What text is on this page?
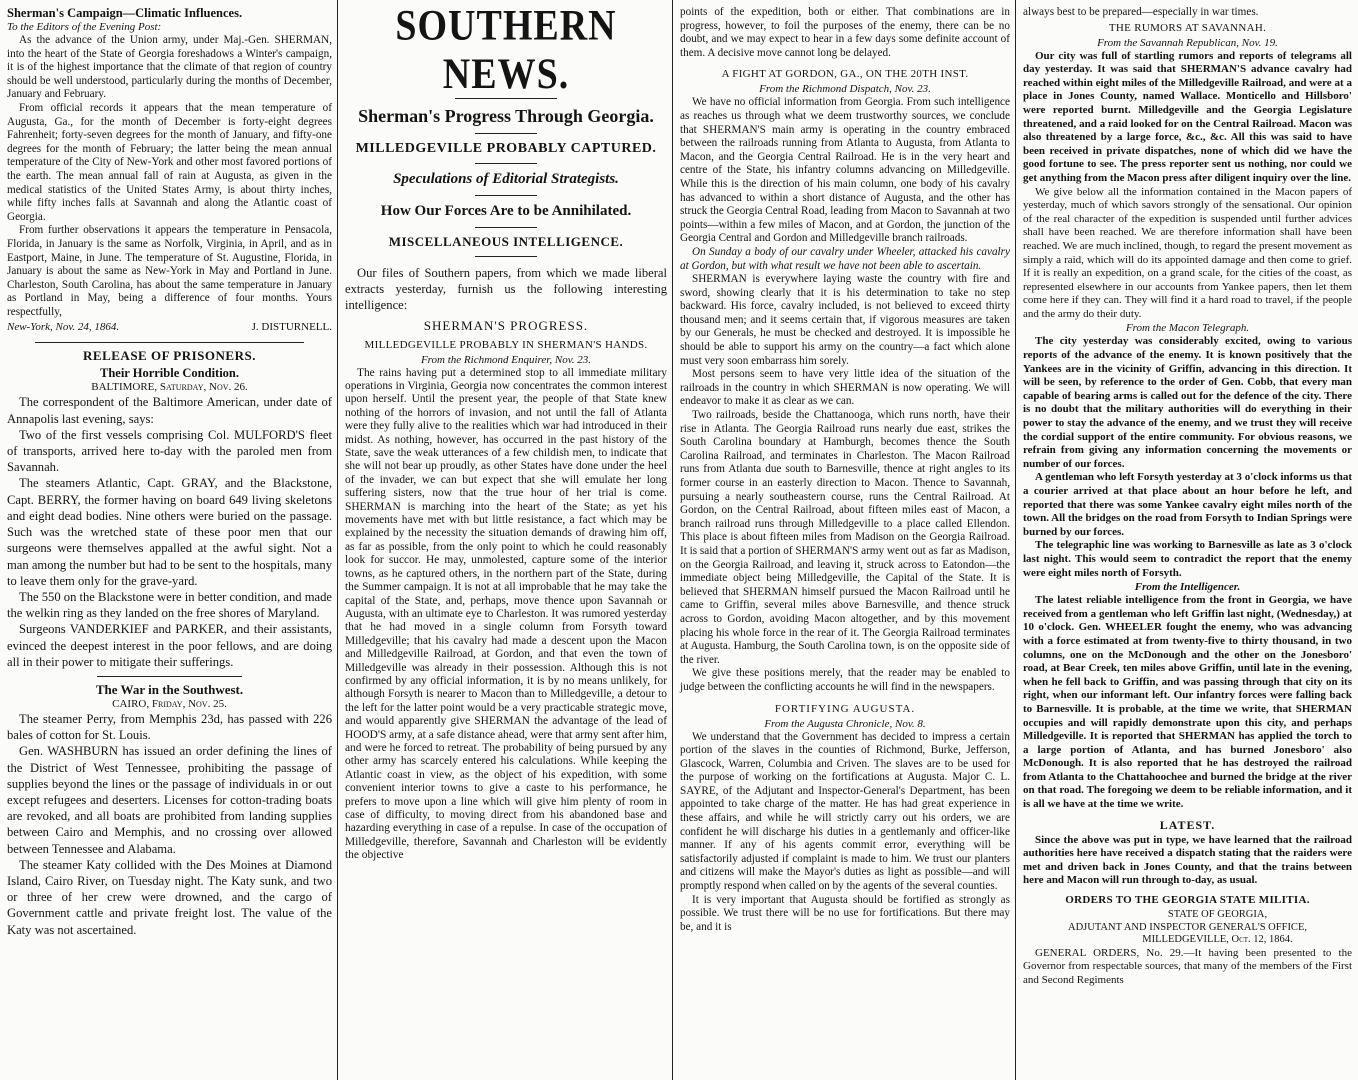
Sherman's Campaign—Climatic Influences.
To the Editors of the Evening Post:

As the advance of the Union army, under Maj.-Gen. SHERMAN, into the heart of the State of Georgia foreshadows a Winter's campaign, it is of the highest importance that the climate of that region of country should be well understood, particularly during the months of December, January and February.

From official records it appears that the mean temperature of Augusta, Ga., for the month of December is forty-eight degrees Fahrenheit; forty-seven degrees for the month of January, and fifty-one degrees for the month of February; the latter being the mean annual temperature of the City of New-York and other most favored portions of the earth. The mean annual fall of rain at Augusta, as given in the medical statistics of the United States Army, is about thirty inches, while fifty inches falls at Savannah and along the Atlantic coast of Georgia.

From further observations it appears the temperature in Pensacola, Florida, in January is the same as Norfolk, Virginia, in April, and as in Eastport, Maine, in June. The temperature of St. Augustine, Florida, in January is about the same as New-York in May and Portland in June. Charleston, South Carolina, has about the same temperature in January as Portland in May, being a difference of four months. Yours respectfully,

New-York, Nov. 24, 1864.	J. DISTURNELL.
RELEASE OF PRISONERS.
Their Horrible Condition.
BALTIMORE, Saturday, Nov. 26.

The correspondent of the Baltimore American, under date of Annapolis last evening, says:

Two of the first vessels comprising Col. MULFORD'S fleet of transports, arrived here to-day with the paroled men from Savannah.

The steamers Atlantic, Capt. GRAY, and the Blackstone, Capt. BERRY, the former having on board 649 living skeletons and eight dead bodies. Nine others were buried on the passage. Such was the wretched state of these poor men that our surgeons were themselves appalled at the awful sight. Not a man among the number but had to be sent to the hospitals, many to leave them only for the grave-yard.

The 550 on the Blackstone were in better condition, and made the welkin ring as they landed on the free shores of Maryland.

Surgeons VANDERKIEF and PARKER, and their assistants, evinced the deepest interest in the poor fellows, and are doing all in their power to mitigate their sufferings.

The War in the Southwest.
CAIRO, Friday, Nov. 25.

The steamer Perry, from Memphis 23d, has passed with 226 bales of cotton for St. Louis.

Gen. WASHBURN has issued an order defining the lines of the District of West Tennessee, prohibiting the passage of supplies beyond the lines or the passage of individuals in or out except refugees and deserters. Licenses for cotton-trading boats are revoked, and all boats are prohibited from landing supplies between Cairo and Memphis, and no crossing over allowed between Tennessee and Alabama.

The steamer Katy collided with the Des Moines at Diamond Island, Cairo River, on Tuesday night. The Katy sunk, and two or three of her crew were drowned, and the cargo of Government cattle and private freight lost. The value of the Katy was not ascertained.

SOUTHERN NEWS.
Sherman's Progress Through Georgia.
MILLEDGEVILLE PROBABLY CAPTURED.
Speculations of Editorial Strategists.
How Our Forces Are to be Annihilated.
MISCELLANEOUS INTELLIGENCE.

Our files of Southern papers, from which we made liberal extracts yesterday, furnish us the following interesting intelligence:

SHERMAN'S PROGRESS.
MILLEDGEVILLE PROBABLY IN SHERMAN'S HANDS.
From the Richmond Enquirer, Nov. 23.

The rains having put a determined stop to all immediate military operations in Virginia, Georgia now concentrates the common interest upon herself. Until the present year, the people of that State knew nothing of the horrors of invasion, and not until the fall of Atlanta were they fully alive to the realities which war had introduced in their midst. As nothing, however, has occurred in the past history of the State, save the weak utterances of a few childish men, to indicate that she will not bear up proudly, as other States have done under the heel of the invader, we can but expect that she will emulate her long suffering sisters, now that the true hour of her trial is come. SHERMAN is marching into the heart of the State; as yet his movements have met with but little resistance, a fact which may be explained by the necessity the situation demands of drawing him off, as far as possible, from the only point to which he could reasonably look for succor. He may, unmolested, capture some of the interior towns, as he captured others, in the northern part of the State, during the Summer campaign. It is not at all improbable that he may take the capital of the State, and, perhaps, move thence upon Savannah or Augusta, with an ultimate eye to Charleston. It was rumored yesterday that he had moved in a single column from Forsyth toward Milledgeville; that his cavalry had made a descent upon the Macon and Milledgeville Railroad, at Gordon, and that even the town of Milledgeville was already in their possession. Although this is not confirmed by any official information, it is by no means unlikely, for although Forsyth is nearer to Macon than to Milledgeville, a detour to the left for the latter point would be a very practicable strategic move, and would apparently give SHERMAN the advantage of the lead of HOOD'S army, at a safe distance ahead, were that army sent after him, and were he forced to retreat. The probability of being pursued by any other army has scarcely entered his calculations. While keeping the Atlantic coast in view, as the object of his expedition, with some convenient interior towns to give a caste to his performance, he prefers to move upon a line which will give him plenty of room in case of difficulty, to moving direct from his abandoned base and hazarding everything in case of a repulse. In case of the occupation of Milledgeville, therefore, Savannah and Charleston will be evidently the objective

points of the expedition, both or either. That combinations are in progress, however, to foil the purposes of the enemy, there can be no doubt, and we may expect to hear in a few days some definite account of them. A decisive move cannot long be delayed.

A FIGHT AT GORDON, GA., ON THE 20TH INST.
From the Richmond Dispatch, Nov. 23.

We have no official information from Georgia. From such intelligence as reaches us through what we deem trustworthy sources, we conclude that SHERMAN'S main army is operating in the country embraced between the railroads running from Atlanta to Augusta, from Atlanta to Macon, and the Georgia Central Railroad. He is in the very heart and centre of the State, his infantry columns advancing on Milledgeville. While this is the direction of his main column, one body of his cavalry has advanced to within a short distance of Augusta, and the other has struck the Georgia Central Road, leading from Macon to Savannah at two points—within a few miles of Macon, and at Gordon, the junction of the Georgia Central and Gordon and Milledgeville branch railroads.

On Sunday a body of our cavalry under Wheeler, attacked his cavalry at Gordon, but with what result we have not been able to ascertain.

SHERMAN is everywhere laying waste the country with fire and sword, showing clearly that it is his determination to take no step backward. His force, cavalry included, is not believed to exceed thirty thousand men; and it seems certain that, if vigorous measures are taken by our Generals, he must be checked and destroyed. It is impossible he should be able to support his army on the country—a fact which alone must very soon embarrass him sorely.

Most persons seem to have very little idea of the situation of the railroads in the country in which SHERMAN is now operating. We will endeavor to make it as clear as we can.

Two railroads, beside the Chattanooga, which runs north, have their rise in Atlanta. The Georgia Railroad runs nearly due east, strikes the South Carolina boundary at Hamburgh, becomes thence the South Carolina Railroad, and terminates in Charleston. The Macon Railroad runs from Atlanta due south to Barnesville, thence at right angles to its former course in an easterly direction to Macon. Thence to Savannah, pursuing a nearly southeastern course, runs the Central Railroad. At Gordon, on the Central Railroad, about fifteen miles east of Macon, a branch railroad runs through Milledgeville to a place called Ellendon. This place is about fifteen miles from Madison on the Georgia Railroad. It is said that a portion of SHERMAN'S army went out as far as Madison, on the Georgia Railroad, and leaving it, struck across to Eatondon—the immediate object being Milledgeville, the Capital of the State. It is believed that SHERMAN himself pursued the Macon Railroad until he came to Griffin, several miles above Barnesville, and thence struck across to Gordon, avoiding Macon altogether, and by this movement placing his whole force in the rear of it. The Georgia Railroad terminates at Augusta. Hamburg, the South Carolina town, is on the opposite side of the river.

We give these positions merely, that the reader may be enabled to judge between the conflicting accounts he will find in the newspapers.

FORTIFYING AUGUSTA.
From the Augusta Chronicle, Nov. 8.

We understand that the Government has decided to impress a certain portion of the slaves in the counties of Richmond, Burke, Jefferson, Glascock, Warren, Columbia and Criven. The slaves are to be used for the purpose of working on the fortifications at Augusta. Major C. L. SAYRE, of the Adjutant and Inspector-General's Department, has been appointed to take charge of the matter. He has had great experience in these affairs, and while he will strictly carry out his orders, we are confident he will discharge his duties in a gentlemanly and officer-like manner. If any of his agents commit error, everything will be satisfactorily adjusted if complaint is made to him. We trust our planters and citizens will make the Mayor's duties as light as possible—and will promptly respond when called on by the agents of the several counties.

It is very important that Augusta should be fortified as strongly as possible. We trust there will be no use for fortifications. But there may be, and it is

always best to be prepared—especially in war times.

THE RUMORS AT SAVANNAH.
From the Savannah Republican, Nov. 19.

Our city was full of startling rumors and reports of telegrams all day yesterday. It was said that SHERMAN'S advance cavalry had reached within eight miles of the Milledgeville Railroad, and were at a place in Jones County, named Wallace. Monticello and Hillsboro' were reported burnt. Milledgeville and the Georgia Legislature threatened, and a raid looked for on the Central Railroad. Macon was also threatened by a large force, &c., &c. All this was said to have been received in private dispatches, none of which did we have the good fortune to see. The press reporter sent us nothing, nor could we get anything from the Macon press after diligent inquiry over the line.

We give below all the information contained in the Macon papers of yesterday, much of which savors strongly of the sensational. Our opinion of the real character of the expedition is suspended until further advices shall have been reached. We are therefore information shall have been reached. We are much inclined, though, to regard the present movement as simply a raid, which will do its appointed damage and then come to grief. If it is really an expedition, on a grand scale, for the cities of the coast, as represented elsewhere in our accounts from Yankee papers, then let them come here if they can. They will find it a hard road to travel, if the people and the army do their duty.

From the Macon Telegraph.

The city yesterday was considerably excited, owing to various reports of the advance of the enemy. It is known positively that the Yankees are in the vicinity of Griffin, advancing in this direction. It will be seen, by reference to the order of Gen. Cobb, that every man capable of bearing arms is called out for the defence of the city. There is no doubt that the military authorities will do everything in their power to stay the advance of the enemy, and we trust they will receive the cordial support of the entire community. For obvious reasons, we refrain from giving any information concerning the movements or number of our forces.

A gentleman who left Forsyth yesterday at 3 o'clock informs us that a courier arrived at that place about an hour before he left, and reported that there was some Yankee cavalry eight miles north of the town. All the bridges on the road from Forsyth to Indian Springs were burned by our forces.

The telegraphic line was working to Barnesville as late as 3 o'clock last night. This would seem to contradict the report that the enemy were eight miles north of Forsyth.

From the Intelligencer.

The latest reliable intelligence from the front in Georgia, we have received from a gentleman who left Griffin last night, (Wednesday,) at 10 o'clock. Gen. WHEELER fought the enemy, who was advancing with a force estimated at from twenty-five to thirty thousand, in two columns, one on the McDonough and the other on the Jonesboro' road, at Bear Creek, ten miles above Griffin, until late in the evening, when he fell back to Griffin, and was passing through that city on its right, when our informant left. Our infantry forces were falling back to Barnesville. It is probable, at the time we write, that SHERMAN occupies and will rapidly demonstrate upon this city, and perhaps Milledgeville. It is reported that SHERMAN has applied the torch to a large portion of Atlanta, and has burned Jonesboro' also McDonough. It is also reported that he has destroyed the railroad from Atlanta to the Chattahoochee and burned the bridge at the river on that road. The foregoing we deem to be reliable information, and it is all we have at the time we write.

LATEST.

Since the above was put in type, we have learned that the railroad authorities here have received a dispatch stating that the raiders were met and driven back in Jones County, and that the trains between here and Macon will run through to-day, as usual.

ORDERS TO THE GEORGIA STATE MILITIA.
STATE OF GEORGIA,
ADJUTANT AND INSPECTOR GENERAL'S OFFICE,
MILLEDGEVILLE, Oct. 12, 1864.

GENERAL ORDERS, No. 29.—It having been presented to the Governor from respectable sources, that many of the members of the First and Second Regiments
